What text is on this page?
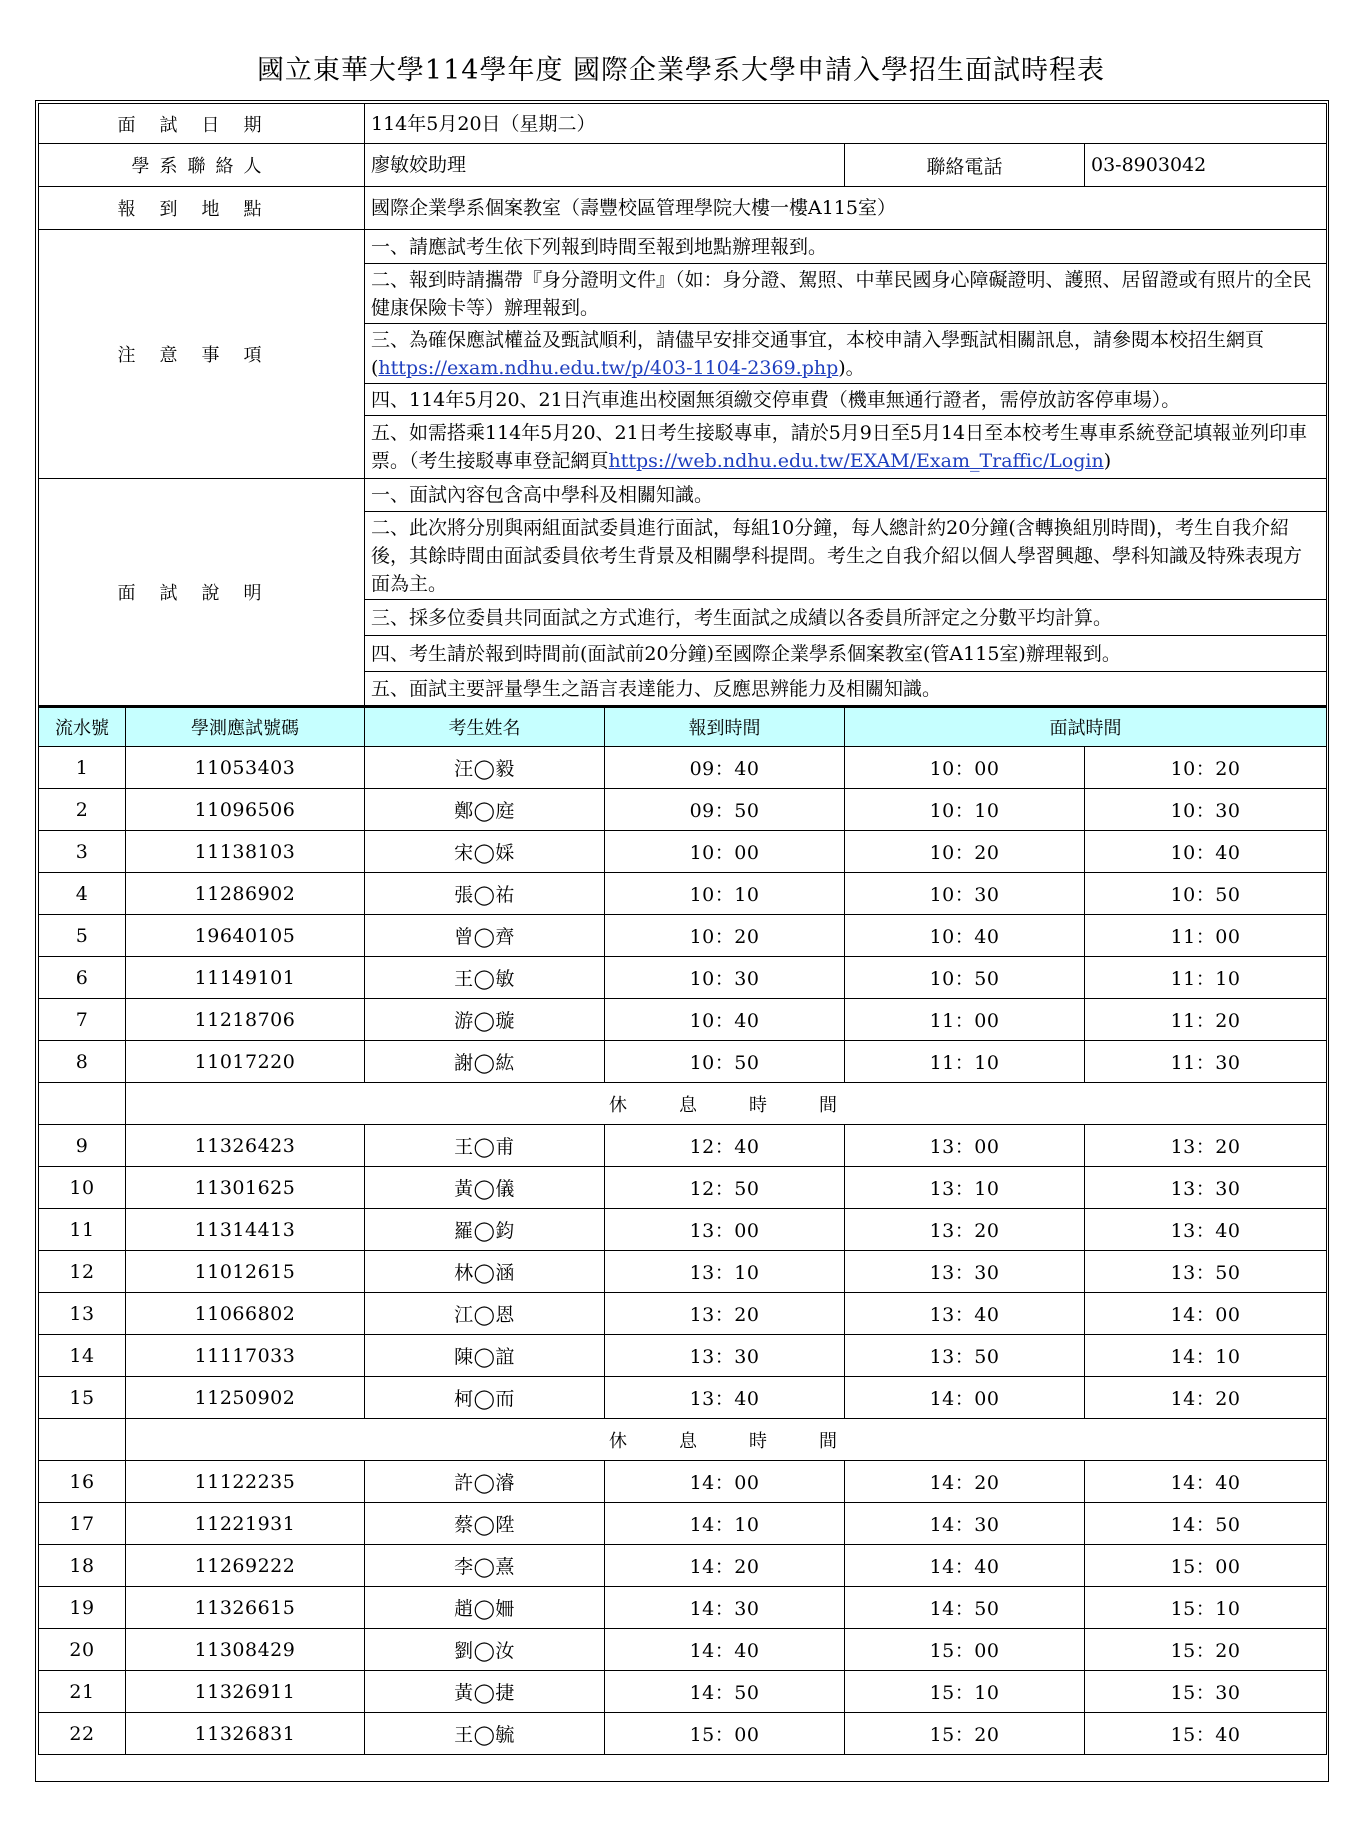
國立東華大學114學年度 國際企業學系大學申請入學招生面試時程表
面試日期		114年5月20日（星期二）			
學系聯絡人		廖敏姣助理		聯絡電話	03-8903042
報到地點		國際企業學系個案教室（壽豐校區管理學院大樓一樓A115室）			
注意事項		一、請應試考生依下列報到時間至報到地點辦理報到。			
		二、報到時請攜帶『身分證明文件』（如：身分證、駕照、中華民國身心障礙證明、護照、居留證或有照片的全民健康保險卡等）辦理報到。			
		三、為確保應試權益及甄試順利，請儘早安排交通事宜，本校申請入學甄試相關訊息，請參閱本校招生網頁(https://exam.ndhu.edu.tw/p/403-1104-2369.php)。			
		四、114年5月20、21日汽車進出校園無須繳交停車費（機車無通行證者，需停放訪客停車場）。			
		五、如需搭乘114年5月20、21日考生接駁專車，請於5月9日至5月14日至本校考生專車系統登記填報並列印車票。（考生接駁專車登記網頁https://web.ndhu.edu.tw/EXAM/Exam_Traffic/Login)			
面試說明		一、面試內容包含高中學科及相關知識。			
		二、此次將分別與兩組面試委員進行面試，每組10分鐘，每人總計約20分鐘(含轉換組別時間)，考生自我介紹後，其餘時間由面試委員依考生背景及相關學科提問。考生之自我介紹以個人學習興趣、學科知識及特殊表現方面為主。			
		三、採多位委員共同面試之方式進行，考生面試之成績以各委員所評定之分數平均計算。			
		四、考生請於報到時間前(面試前20分鐘)至國際企業學系個案教室(管A115室)辦理報到。			
		五、面試主要評量學生之語言表達能力、反應思辨能力及相關知識。			
流水號	學測應試號碼	考生姓名	報到時間	面試時間	
1	11053403	汪◯毅	09：40	10：00	10：20
2	11096506	鄭◯庭	09：50	10：10	10：30
3	11138103	宋◯婇	10：00	10：20	10：40
4	11286902	張◯祐	10：10	10：30	10：50
5	19640105	曾◯齊	10：20	10：40	11：00
6	11149101	王◯敏	10：30	10：50	11：10
7	11218706	游◯璇	10：40	11：00	11：20
8	11017220	謝◯紘	10：50	11：10	11：30
	休息時間				
9	11326423	王◯甫	12：40	13：00	13：20
10	11301625	黃◯儀	12：50	13：10	13：30
11	11314413	羅◯鈞	13：00	13：20	13：40
12	11012615	林◯涵	13：10	13：30	13：50
13	11066802	江◯恩	13：20	13：40	14：00
14	11117033	陳◯誼	13：30	13：50	14：10
15	11250902	柯◯而	13：40	14：00	14：20
	休息時間				
16	11122235	許◯濬	14：00	14：20	14：40
17	11221931	蔡◯陞	14：10	14：30	14：50
18	11269222	李◯熹	14：20	14：40	15：00
19	11326615	趙◯姍	14：30	14：50	15：10
20	11308429	劉◯汝	14：40	15：00	15：20
21	11326911	黃◯捷	14：50	15：10	15：30
22	11326831	王◯毓	15：00	15：20	15：40
